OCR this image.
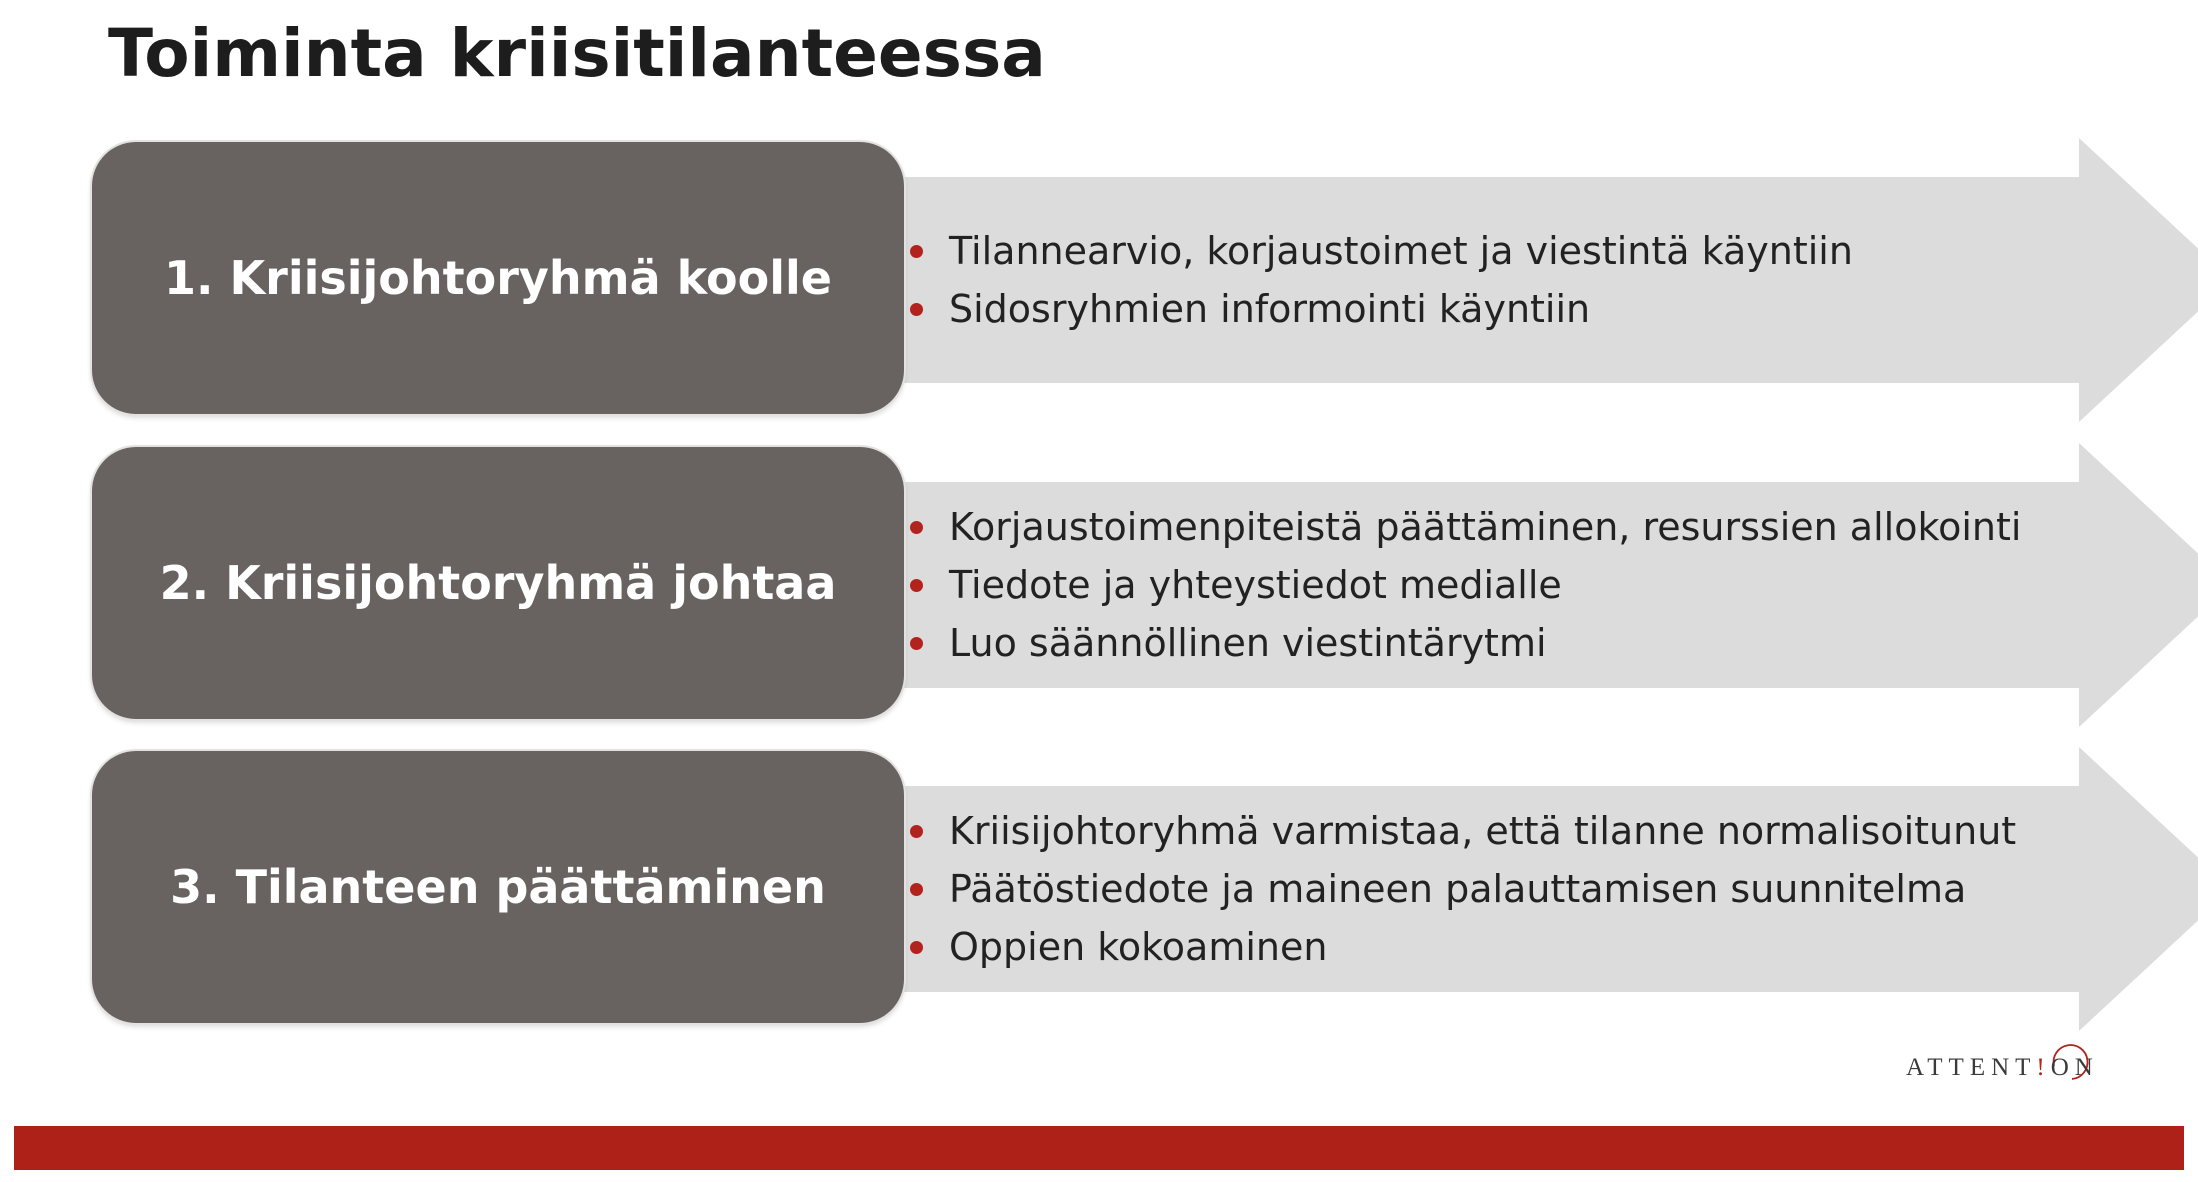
Toiminta kriisitilanteessa
1. Kriisijohtoryhmä koolle	Tilannearvio, korjaustoimet ja viestintä käyntiin
Sidosryhmien informointi käyntiin
2. Kriisijohtoryhmä johtaa
Korjaustoimenpiteistä päättäminen, resurssien allokointi
Tiedote ja yhteystiedot medialle
Luo säännöllinen viestintärytmi
3. Tilanteen päättäminen
Kriisijohtoryhmä varmistaa, että tilanne normalisoitunut
Päätöstiedote ja maineen palauttamisen suunnitelma
Oppien kokoaminen
ATTENT!ON
